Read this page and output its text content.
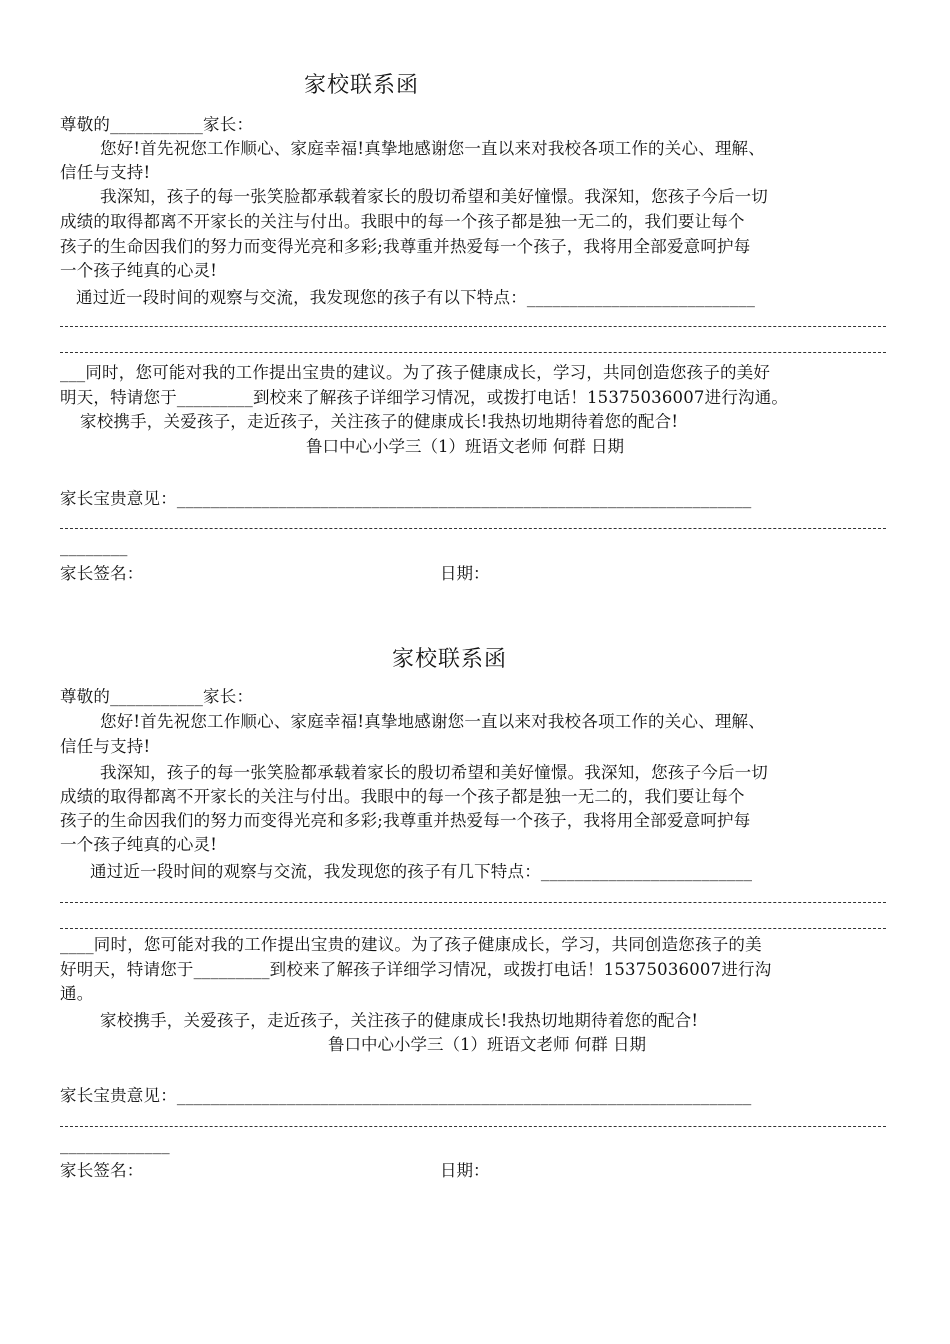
家校联系函
尊敬的___________家长：
您好!首先祝您工作顺心、家庭幸福!真挚地感谢您一直以来对我校各项工作的关心、理解、
信任与支持!
我深知，孩子的每一张笑脸都承载着家长的殷切希望和美好憧憬。我深知，您孩子今后一切
成绩的取得都离不开家长的关注与付出。我眼中的每一个孩子都是独一无二的，我们要让每个
孩子的生命因我们的努力而变得光亮和多彩;我尊重并热爱每一个孩子，我将用全部爱意呵护每
一个孩子纯真的心灵!
通过近一段时间的观察与交流，我发现您的孩子有以下特点：___________________________
___同时，您可能对我的工作提出宝贵的建议。为了孩子健康成长，学习，共同创造您孩子的美好
明天，特请您于_________到校来了解孩子详细学习情况，或拨打电话！15375036007进行沟通。
家校携手，关爱孩子，走近孩子，关注孩子的健康成长!我热切地期待着您的配合!
鲁口中心小学三（1）班语文老师 何群 日期
家长宝贵意见：____________________________________________________________________
________
家长签名：	日期：
家校联系函
尊敬的___________家长：
您好!首先祝您工作顺心、家庭幸福!真挚地感谢您一直以来对我校各项工作的关心、理解、
信任与支持!
我深知，孩子的每一张笑脸都承载着家长的殷切希望和美好憧憬。我深知，您孩子今后一切
成绩的取得都离不开家长的关注与付出。我眼中的每一个孩子都是独一无二的，我们要让每个
孩子的生命因我们的努力而变得光亮和多彩;我尊重并热爱每一个孩子，我将用全部爱意呵护每
一个孩子纯真的心灵!
通过近一段时间的观察与交流，我发现您的孩子有几下特点：_________________________
____同时，您可能对我的工作提出宝贵的建议。为了孩子健康成长，学习，共同创造您孩子的美
好明天，特请您于_________到校来了解孩子详细学习情况，或拨打电话！15375036007进行沟
通。
家校携手，关爱孩子，走近孩子，关注孩子的健康成长!我热切地期待着您的配合!
鲁口中心小学三（1）班语文老师 何群 日期
家长宝贵意见：____________________________________________________________________
_____________
家长签名：	日期：
